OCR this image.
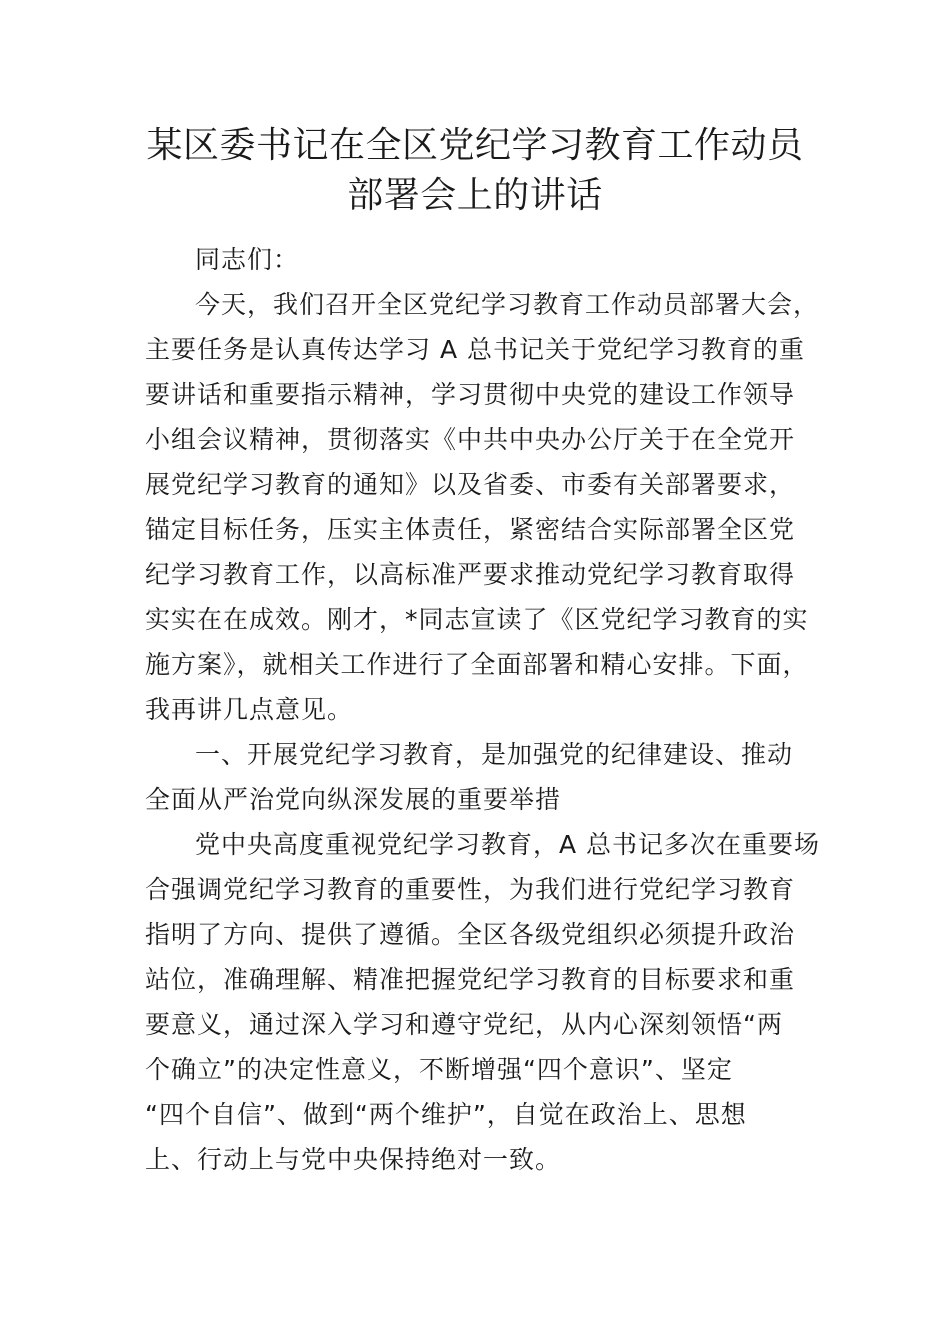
某区委书记在全区党纪学习教育工作动员
部署会上的讲话
同志们：
今天，我们召开全区党纪学习教育工作动员部署大会，
主要任务是认真传达学习 A 总书记关于党纪学习教育的重
要讲话和重要指示精神，学习贯彻中央党的建设工作领导
小组会议精神，贯彻落实《中共中央办公厅关于在全党开
展党纪学习教育的通知》以及省委、市委有关部署要求，
锚定目标任务，压实主体责任，紧密结合实际部署全区党
纪学习教育工作，以高标准严要求推动党纪学习教育取得
实实在在成效。刚才，*同志宣读了《区党纪学习教育的实
施方案》，就相关工作进行了全面部署和精心安排。下面，
我再讲几点意见。
一、开展党纪学习教育，是加强党的纪律建设、推动
全面从严治党向纵深发展的重要举措
党中央高度重视党纪学习教育，A 总书记多次在重要场
合强调党纪学习教育的重要性，为我们进行党纪学习教育
指明了方向、提供了遵循。全区各级党组织必须提升政治
站位，准确理解、精准把握党纪学习教育的目标要求和重
要意义，通过深入学习和遵守党纪，从内心深刻领悟“两
个确立”的决定性意义，不断增强“四个意识”、坚定
“四个自信”、做到“两个维护”，自觉在政治上、思想
上、行动上与党中央保持绝对一致。
